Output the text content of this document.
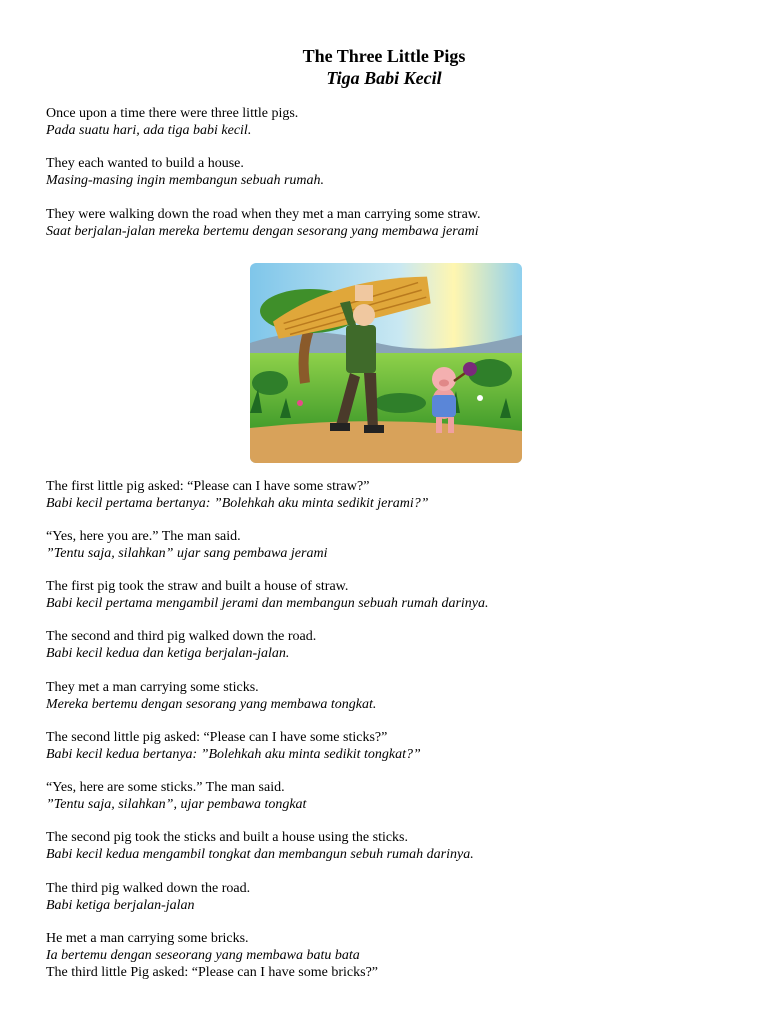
The Three Little Pigs
Tiga Babi Kecil
Once upon a time there were three little pigs.
Pada suatu hari, ada tiga babi kecil.
They each wanted to build a house.
Masing-masing ingin membangun sebuah rumah.
They were walking down the road when they met a man carrying some straw.
Saat berjalan-jalan mereka bertemu dengan sesorang yang membawa jerami
The first little pig asked: “Please can I have some straw?”
Babi kecil pertama bertanya: ”Bolehkah aku minta sedikit jerami?”
“Yes, here you are.” The man said.
”Tentu saja, silahkan” ujar sang pembawa jerami
The first pig took the straw and built a house of straw.
Babi kecil pertama mengambil jerami dan membangun sebuah rumah darinya.
The second and third pig walked down the road.
Babi kecil kedua dan ketiga berjalan-jalan.
They met a man carrying some sticks.
Mereka bertemu dengan sesorang yang membawa tongkat.
The second little pig asked: “Please can I have some sticks?”
Babi kecil kedua bertanya: ”Bolehkah aku minta sedikit tongkat?”
“Yes, here are some sticks.” The man said.
”Tentu saja, silahkan”, ujar pembawa tongkat
The second pig took the sticks and built a house using the sticks.
Babi kecil kedua mengambil tongkat dan membangun sebuh rumah darinya.
The third pig walked down the road.
Babi ketiga berjalan-jalan
He met a man carrying some bricks.
Ia bertemu dengan seseorang yang membawa batu bata
The third little Pig asked: “Please can I have some bricks?”
